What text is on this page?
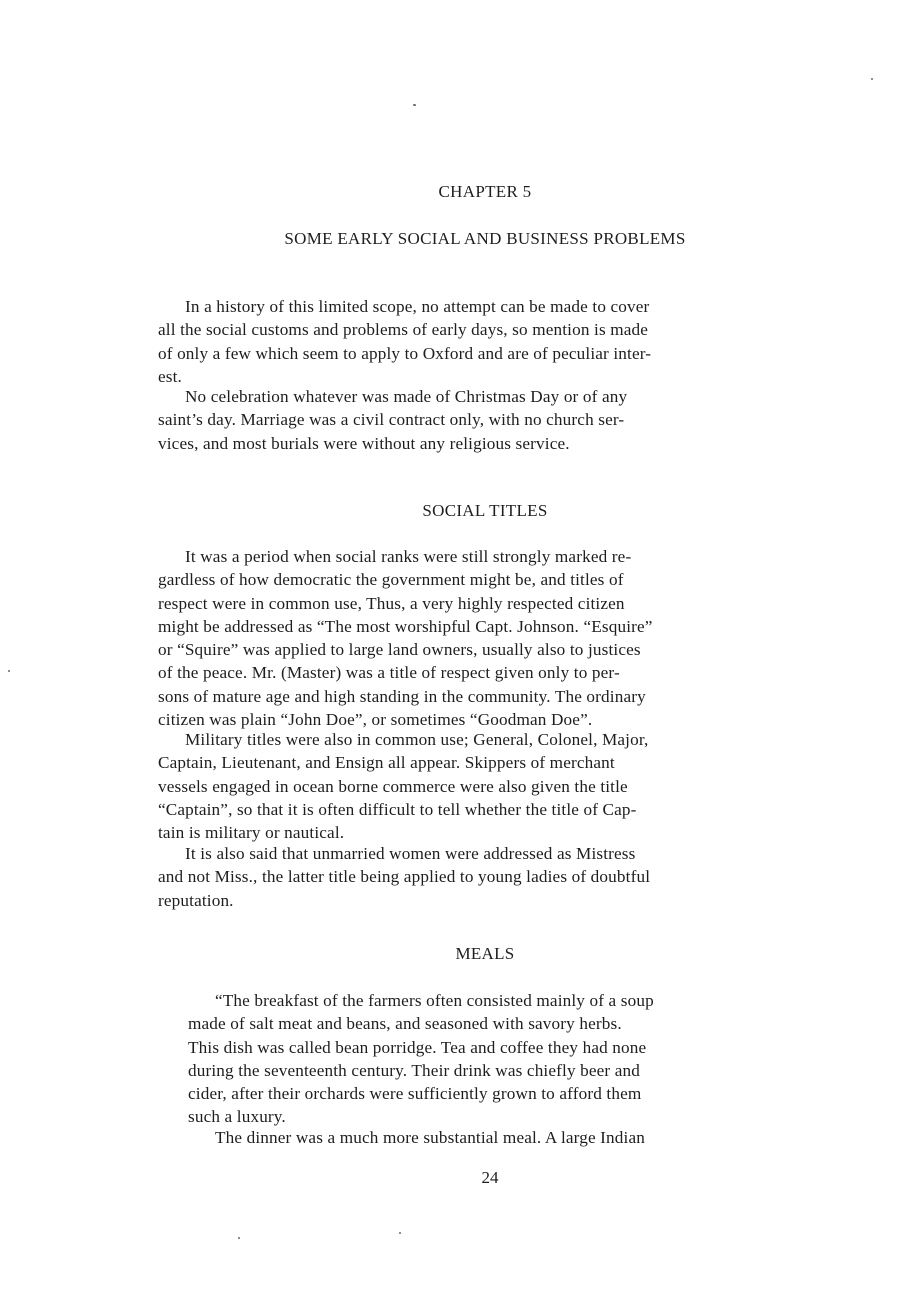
CHAPTER 5
SOME EARLY SOCIAL AND BUSINESS PROBLEMS

In a history of this limited scope, no attempt can be made to cover
all the social customs and problems of early days, so mention is made
of only a few which seem to apply to Oxford and are of peculiar inter-
est.

No celebration whatever was made of Christmas Day or of any
saint’s day. Marriage was a civil contract only, with no church ser-
vices, and most burials were without any religious service.

SOCIAL TITLES

It was a period when social ranks were still strongly marked re-
gardless of how democratic the government might be, and titles of
respect were in common use, Thus, a very highly respected citizen
might be addressed as “The most worshipful Capt. Johnson. “Esquire”
or “Squire” was applied to large land owners, usually also to justices
of the peace. Mr. (Master) was a title of respect given only to per-
sons of mature age and high standing in the community. The ordinary
citizen was plain “John Doe”, or sometimes “Goodman Doe”.

Military titles were also in common use; General, Colonel, Major,
Captain, Lieutenant, and Ensign all appear. Skippers of merchant
vessels engaged in ocean borne commerce were also given the title
“Captain”, so that it is often difficult to tell whether the title of Cap-
tain is military or nautical.

It is also said that unmarried women were addressed as Mistress
and not Miss., the latter title being applied to young ladies of doubtful
reputation.

MEALS

“The breakfast of the farmers often consisted mainly of a soup
made of salt meat and beans, and seasoned with savory herbs.
This dish was called bean porridge. Tea and coffee they had none
during the seventeenth century. Their drink was chiefly beer and
cider, after their orchards were sufficiently grown to afford them
such a luxury.

The dinner was a much more substantial meal. A large Indian

24
